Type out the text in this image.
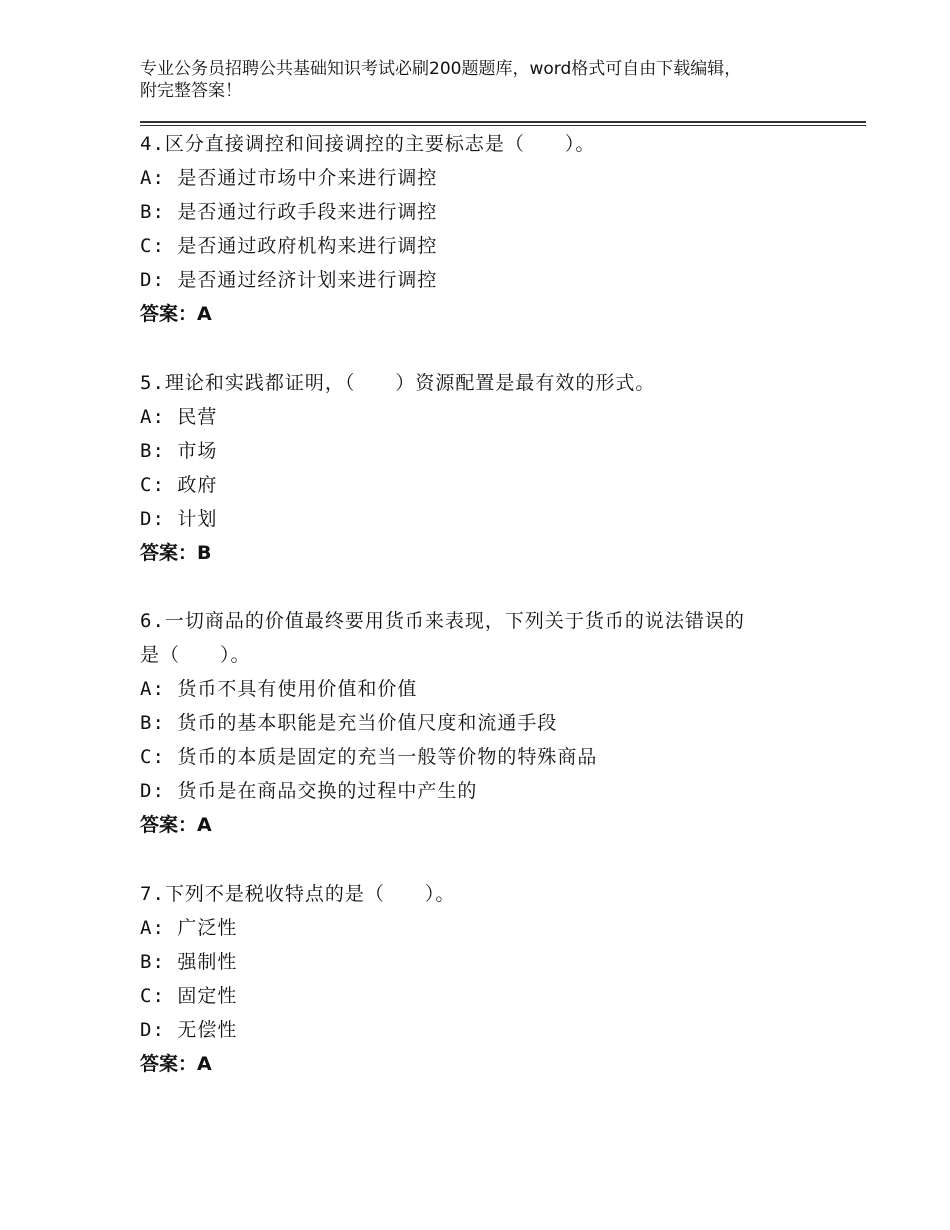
专业公务员招聘公共基础知识考试必刷200题题库，word格式可自由下载编辑，
附完整答案！
4.区分直接调控和间接调控的主要标志是（　　）。
A: 是否通过市场中介来进行调控
B: 是否通过行政手段来进行调控
C: 是否通过政府机构来进行调控
D: 是否通过经济计划来进行调控
答案：A
5.理论和实践都证明，（　　）资源配置是最有效的形式。
A: 民营
B: 市场
C: 政府
D: 计划
答案：B
6.一切商品的价值最终要用货币来表现，下列关于货币的说法错误的
是（　　）。
A: 货币不具有使用价值和价值
B: 货币的基本职能是充当价值尺度和流通手段
C: 货币的本质是固定的充当一般等价物的特殊商品
D: 货币是在商品交换的过程中产生的
答案：A
7.下列不是税收特点的是（　　）。
A: 广泛性
B: 强制性
C: 固定性
D: 无偿性
答案：A
